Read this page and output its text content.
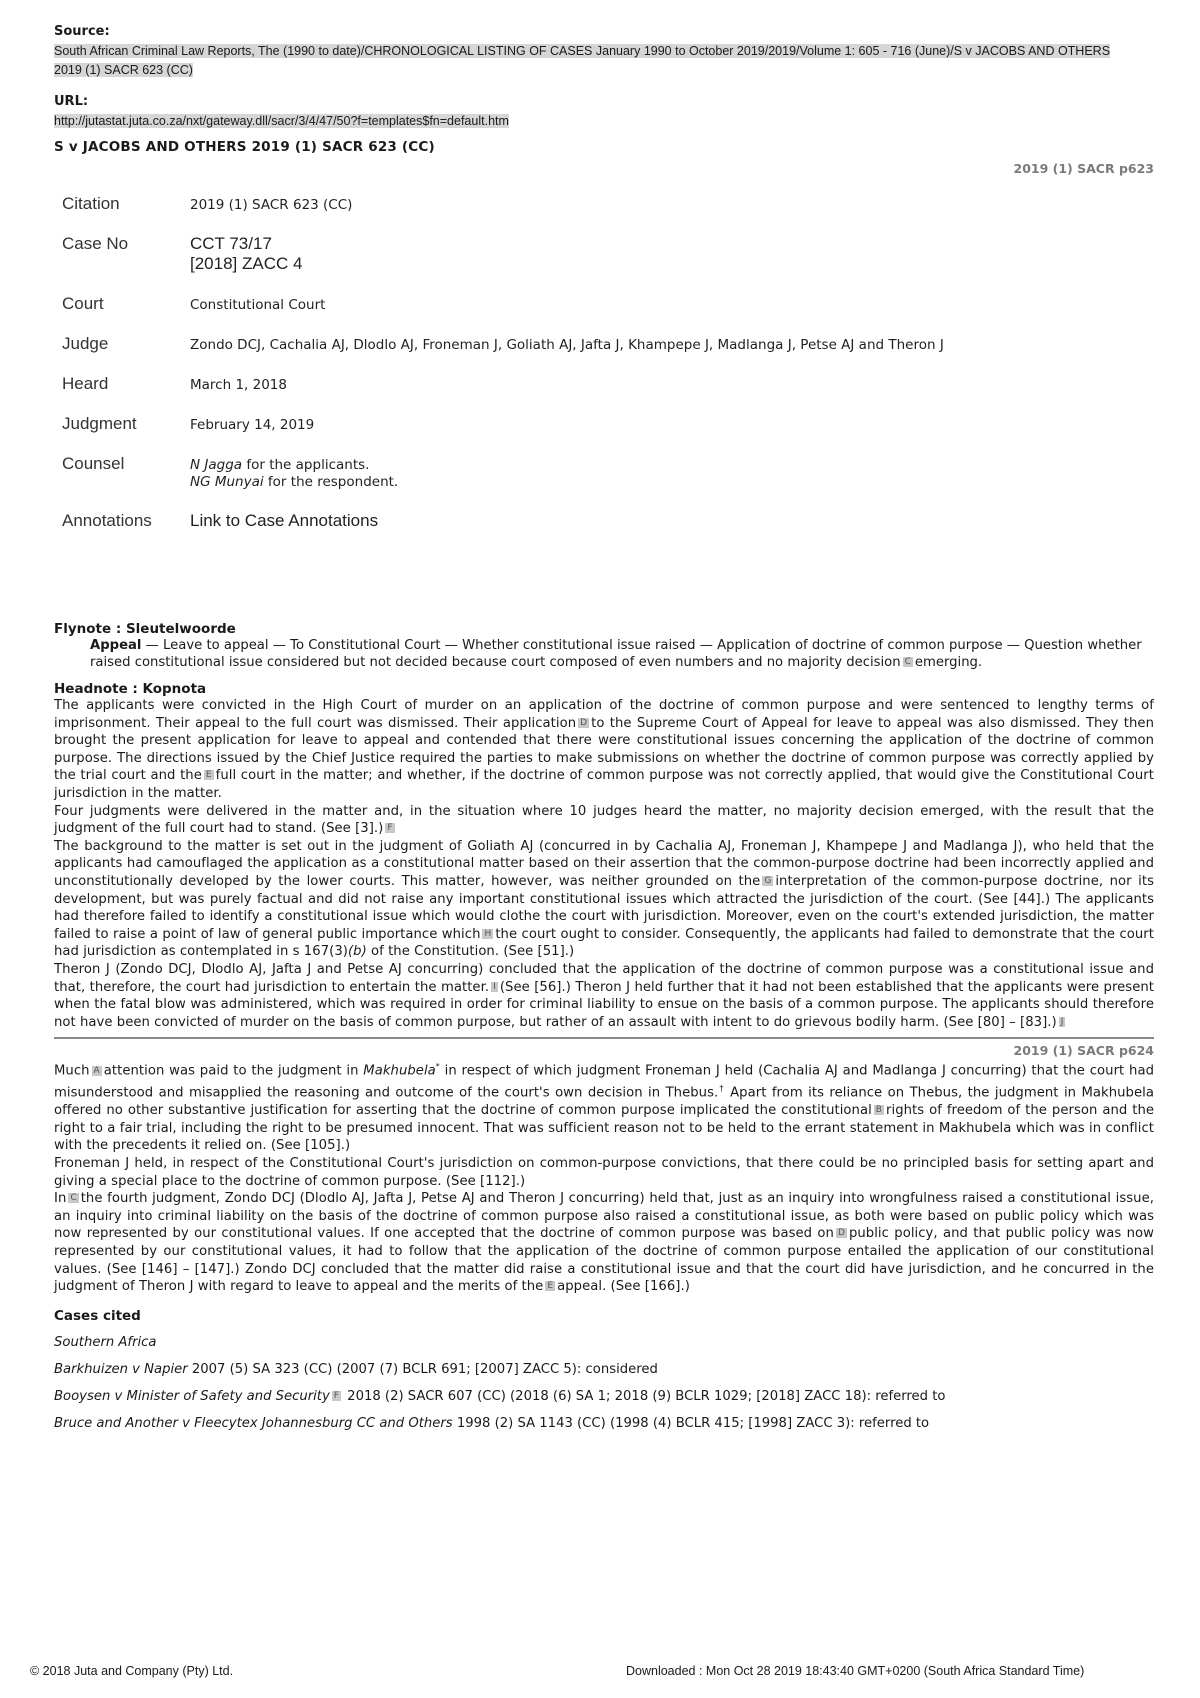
Source:
South African Criminal Law Reports, The (1990 to date)/CHRONOLOGICAL LISTING OF CASES January 1990 to October 2019/2019/Volume 1: 605 - 716 (June)/S v JACOBS AND OTHERS 2019 (1) SACR 623 (CC)
URL:
http://jutastat.juta.co.za/nxt/gateway.dll/sacr/3/4/47/50?f=templates$fn=default.htm
S v JACOBS AND OTHERS 2019 (1) SACR 623 (CC)
2019 (1) SACR p623
Citation	2019 (1) SACR 623 (CC)
Case No	CCT 73/17
[2018] ZACC 4

Court	Constitutional Court
Judge	Zondo DCJ, Cachalia AJ, Dlodlo AJ, Froneman J, Goliath AJ, Jafta J, Khampepe J, Madlanga J, Petse AJ and Theron J
Heard	March 1, 2018
Judgment	February 14, 2019
Counsel	N Jagga for the applicants.
NG Munyai for the respondent.

Annotations	Link to Case Annotations
Flynote : Sleutelwoorde
Appeal — Leave to appeal — To Constitutional Court — Whether constitutional issue raised — Application of doctrine of common purpose — Question whether raised constitutional issue considered but not decided because court composed of even numbers and no majority decision C emerging.
Headnote : Kopnota
The applicants were convicted in the High Court of murder on an application of the doctrine of common purpose and were sentenced to lengthy terms of imprisonment. Their appeal to the full court was dismissed. Their application D to the Supreme Court of Appeal for leave to appeal was also dismissed. They then brought the present application for leave to appeal and contended that there were constitutional issues concerning the application of the doctrine of common purpose. The directions issued by the Chief Justice required the parties to make submissions on whether the doctrine of common purpose was correctly applied by the trial court and the E full court in the matter; and whether, if the doctrine of common purpose was not correctly applied, that would give the Constitutional Court jurisdiction in the matter.
Four judgments were delivered in the matter and, in the situation where 10 judges heard the matter, no majority decision emerged, with the result that the judgment of the full court had to stand. (See [3].) F
The background to the matter is set out in the judgment of Goliath AJ (concurred in by Cachalia AJ, Froneman J, Khampepe J and Madlanga J), who held that the applicants had camouflaged the application as a constitutional matter based on their assertion that the common-purpose doctrine had been incorrectly applied and unconstitutionally developed by the lower courts. This matter, however, was neither grounded on the G interpretation of the common-purpose doctrine, nor its development, but was purely factual and did not raise any important constitutional issues which attracted the jurisdiction of the court. (See [44].) The applicants had therefore failed to identify a constitutional issue which would clothe the court with jurisdiction. Moreover, even on the court's extended jurisdiction, the matter failed to raise a point of law of general public importance which H the court ought to consider. Consequently, the applicants had failed to demonstrate that the court had jurisdiction as contemplated in s 167(3)(b) of the Constitution. (See [51].)
Theron J (Zondo DCJ, Dlodlo AJ, Jafta J and Petse AJ concurring) concluded that the application of the doctrine of common purpose was a constitutional issue and that, therefore, the court had jurisdiction to entertain the matter. I (See [56].) Theron J held further that it had not been established that the applicants were present when the fatal blow was administered, which was required in order for criminal liability to ensue on the basis of a common purpose. The applicants should therefore not have been convicted of murder on the basis of common purpose, but rather of an assault with intent to do grievous bodily harm. (See [80] – [83].) J
2019 (1) SACR p624
Much A attention was paid to the judgment in Makhubela* in respect of which judgment Froneman J held (Cachalia AJ and Madlanga J concurring) that the court had misunderstood and misapplied the reasoning and outcome of the court's own decision in Thebus.† Apart from its reliance on Thebus, the judgment in Makhubela offered no other substantive justification for asserting that the doctrine of common purpose implicated the constitutional B rights of freedom of the person and the right to a fair trial, including the right to be presumed innocent. That was sufficient reason not to be held to the errant statement in Makhubela which was in conflict with the precedents it relied on. (See [105].)
Froneman J held, in respect of the Constitutional Court's jurisdiction on common-purpose convictions, that there could be no principled basis for setting apart and giving a special place to the doctrine of common purpose. (See [112].)
In C the fourth judgment, Zondo DCJ (Dlodlo AJ, Jafta J, Petse AJ and Theron J concurring) held that, just as an inquiry into wrongfulness raised a constitutional issue, an inquiry into criminal liability on the basis of the doctrine of common purpose also raised a constitutional issue, as both were based on public policy which was now represented by our constitutional values. If one accepted that the doctrine of common purpose was based on D public policy, and that public policy was now represented by our constitutional values, it had to follow that the application of the doctrine of common purpose entailed the application of our constitutional values. (See [146] – [147].) Zondo DCJ concluded that the matter did raise a constitutional issue and that the court did have jurisdiction, and he concurred in the judgment of Theron J with regard to leave to appeal and the merits of the E appeal. (See [166].)
Cases cited
Southern Africa
Barkhuizen v Napier 2007 (5) SA 323 (CC) (2007 (7) BCLR 691; [2007] ZACC 5): considered
Booysen v Minister of Safety and Security F 2018 (2) SACR 607 (CC) (2018 (6) SA 1; 2018 (9) BCLR 1029; [2018] ZACC 18): referred to
Bruce and Another v Fleecytex Johannesburg CC and Others 1998 (2) SA 1143 (CC) (1998 (4) BCLR 415; [1998] ZACC 3): referred to
© 2018 Juta and Company (Pty) Ltd.	Downloaded : Mon Oct 28 2019 18:43:40 GMT+0200 (South Africa Standard Time)
